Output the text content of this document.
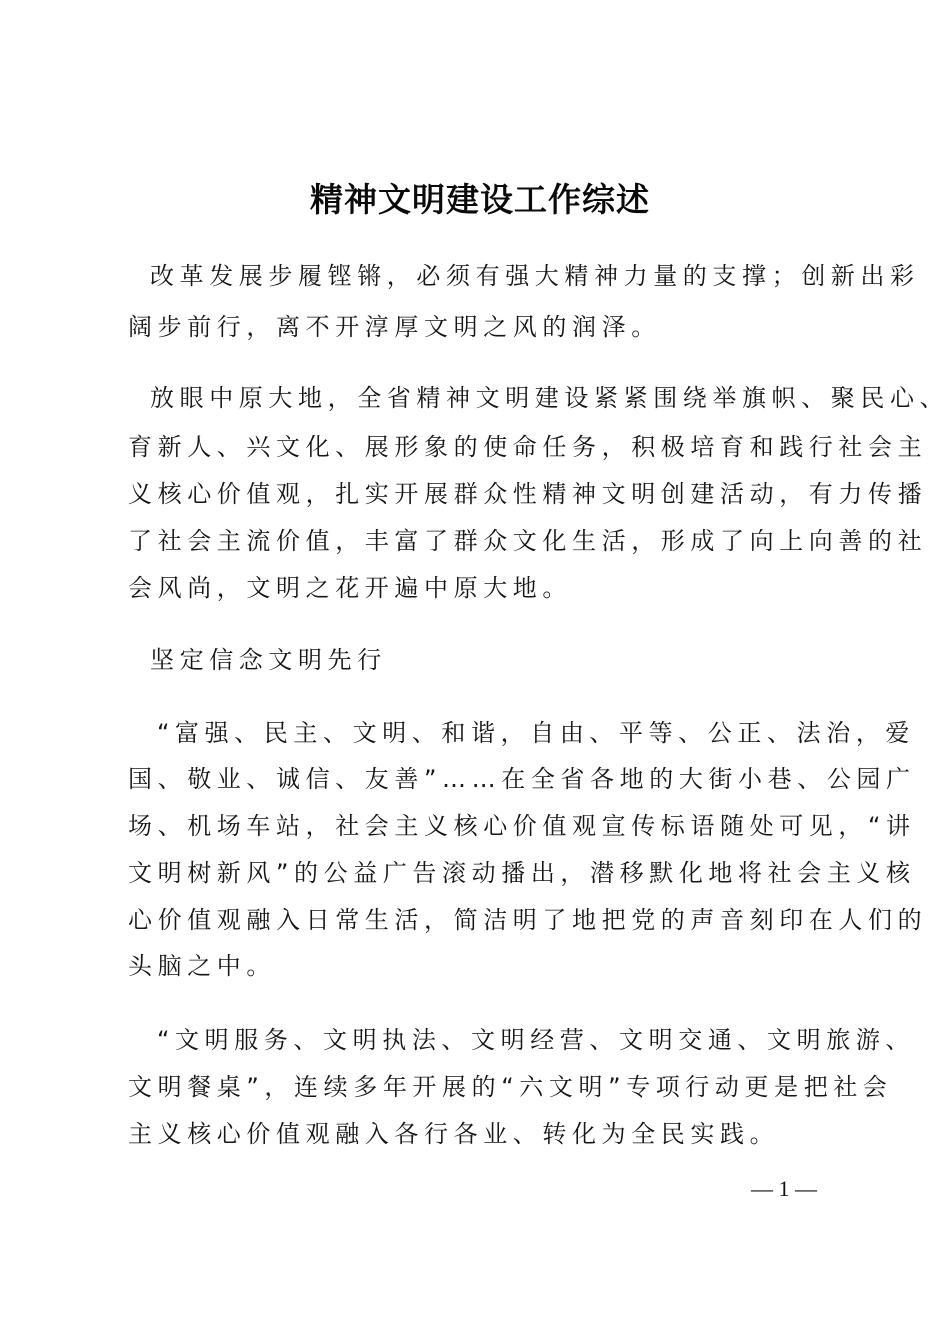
精神文明建设工作综述
改革发展步履铿锵，必须有强大精神力量的支撑；创新出彩
阔步前行，离不开淳厚文明之风的润泽。
放眼中原大地，全省精神文明建设紧紧围绕举旗帜、聚民心、
育新人、兴文化、展形象的使命任务，积极培育和践行社会主
义核心价值观，扎实开展群众性精神文明创建活动，有力传播
了社会主流价值，丰富了群众文化生活，形成了向上向善的社
会风尚，文明之花开遍中原大地。
坚定信念文明先行
“富强、民主、文明、和谐，自由、平等、公正、法治，爱
国、敬业、诚信、友善”……在全省各地的大街小巷、公园广
场、机场车站，社会主义核心价值观宣传标语随处可见，“讲
文明树新风”的公益广告滚动播出，潜移默化地将社会主义核
心价值观融入日常生活，简洁明了地把党的声音刻印在人们的
头脑之中。
“文明服务、文明执法、文明经营、文明交通、文明旅游、
文明餐桌”，连续多年开展的“六文明”专项行动更是把社会
主义核心价值观融入各行各业、转化为全民实践。
— 1 —
